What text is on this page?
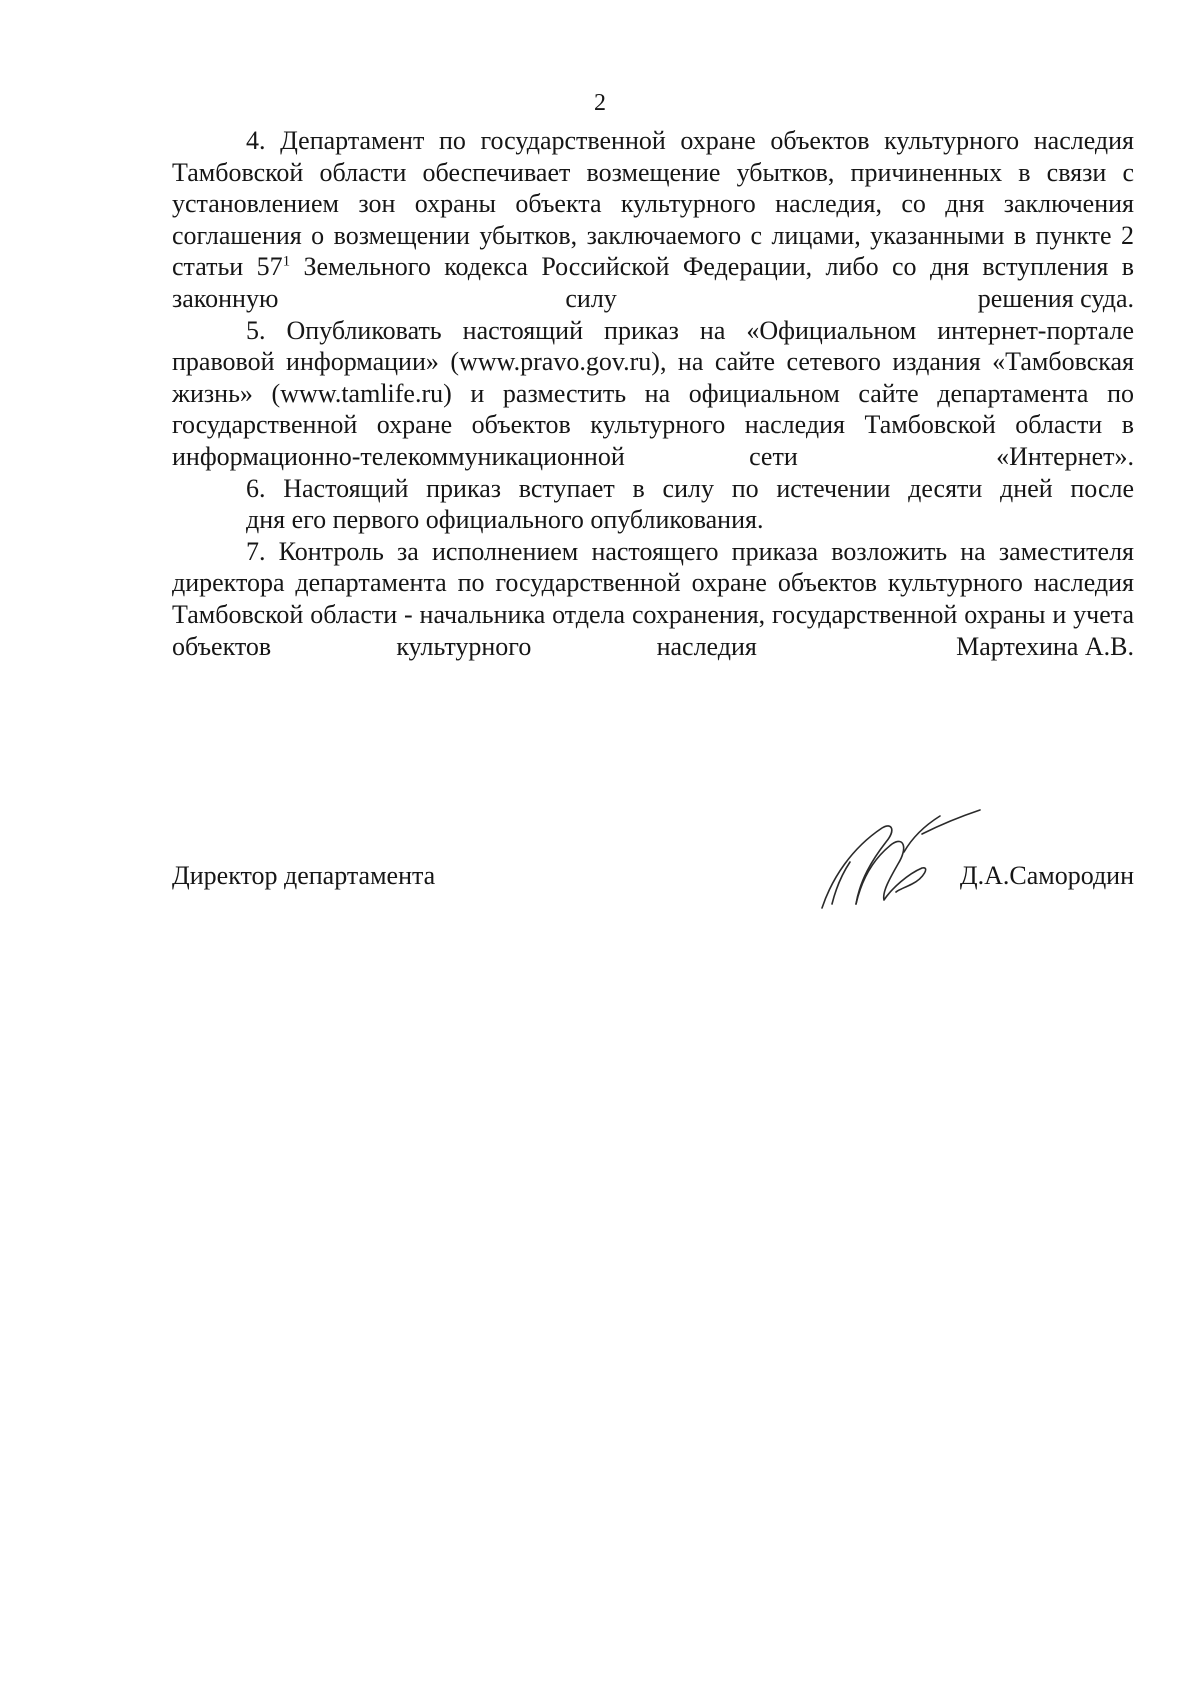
2

4. Департамент по государственной охране объектов культурного наследия Тамбовской области обеспечивает возмещение убытков, причиненных в связи с установлением зон охраны объекта культурного наследия, со дня заключения соглашения о возмещении убытков, заключаемого с лицами, указанными в пункте 2 статьи $57^1$ Земельного кодекса Российской Федерации, либо со дня вступления в законную силу	решения суда.

5. Опубликовать настоящий приказ на «Официальном интернет-портале правовой информации» (www.pravo.gov.ru), на сайте сетевого издания «Тамбовская жизнь» (www.tamlife.ru) и разместить на официальном сайте департамента по государственной охране объектов культурного наследия Тамбовской области в информационно-телекоммуникационной сети	«Интернет».

6. Настоящий приказ вступает в силу по истечении десяти дней после дня его первого официального опубликования.

7. Контроль за исполнением настоящего приказа возложить на заместителя директора департамента по государственной охране объектов культурного наследия Тамбовской области - начальника отдела сохранения, государственной охраны и учета объектов культурного наследия	Мартехина А.В.

Директор департамента	Д.А.Самородин
